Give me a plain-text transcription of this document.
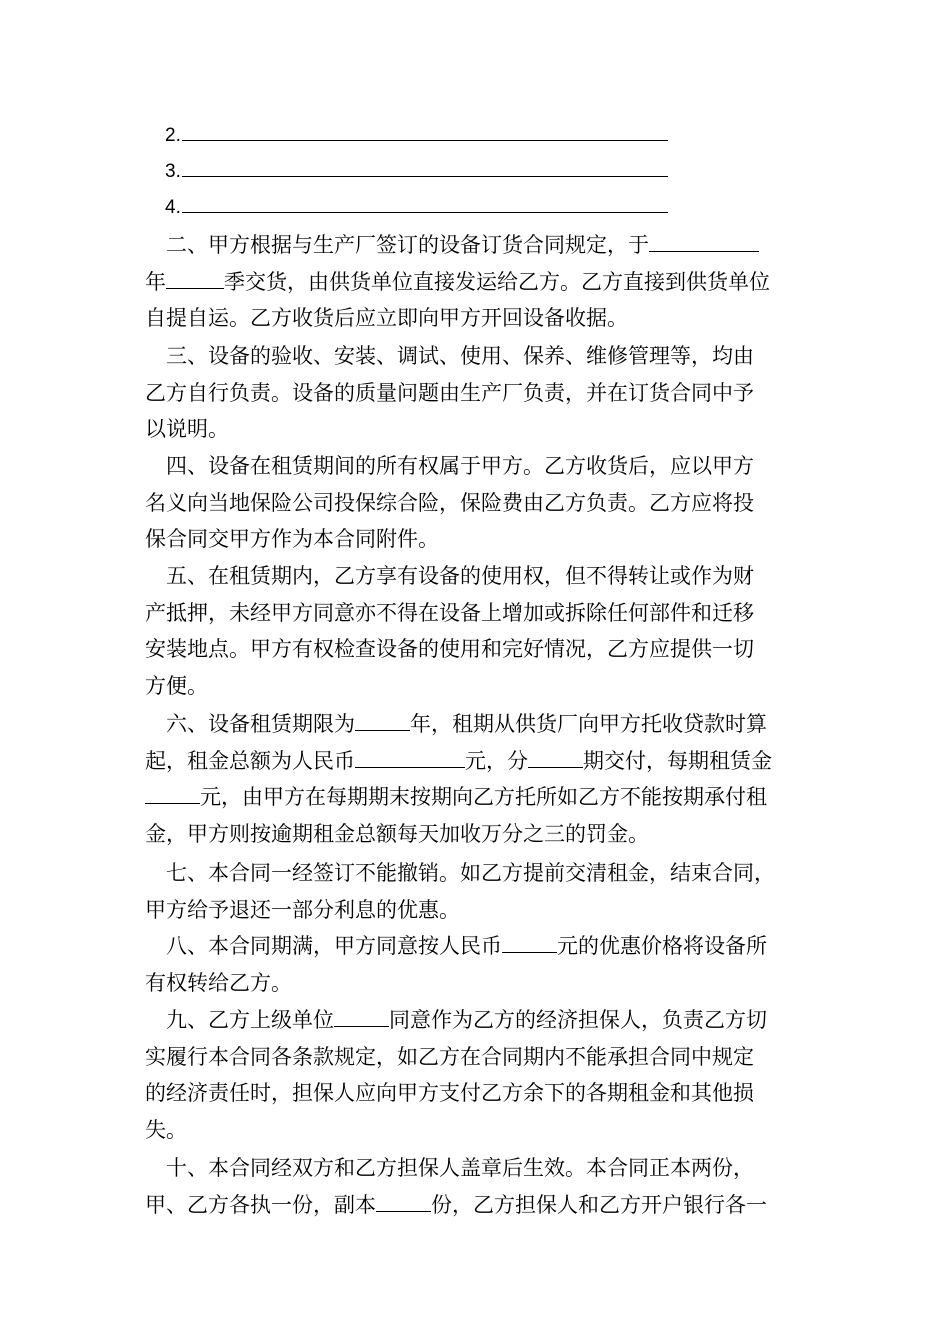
2.
3.
4.
二、甲方根据与生产厂签订的设备订货合同规定，于
年	季交货，由供货单位直接发运给乙方。乙方直接到供货单位
自提自运。乙方收货后应立即向甲方开回设备收据。
三、设备的验收、安装、调试、使用、保养、维修管理等，均由
乙方自行负责。设备的质量问题由生产厂负责，并在订货合同中予
以说明。
四、设备在租赁期间的所有权属于甲方。乙方收货后，应以甲方
名义向当地保险公司投保综合险，保险费由乙方负责。乙方应将投
保合同交甲方作为本合同附件。
五、在租赁期内，乙方享有设备的使用权，但不得转让或作为财
产抵押，未经甲方同意亦不得在设备上增加或拆除任何部件和迁移
安装地点。甲方有权检查设备的使用和完好情况，乙方应提供一切
方便。
六、设备租赁期限为	年，租期从供货厂向甲方托收贷款时算
起，租金总额为人民币	元，分	期交付，每期租赁金
元，由甲方在每期期末按期向乙方托所如乙方不能按期承付租
金，甲方则按逾期租金总额每天加收万分之三的罚金。
七、本合同一经签订不能撤销。如乙方提前交清租金，结束合同，
甲方给予退还一部分利息的优惠。
八、本合同期满，甲方同意按人民币	元的优惠价格将设备所
有权转给乙方。
九、乙方上级单位	同意作为乙方的经济担保人，负责乙方切
实履行本合同各条款规定，如乙方在合同期内不能承担合同中规定
的经济责任时，担保人应向甲方支付乙方余下的各期租金和其他损
失。
十、本合同经双方和乙方担保人盖章后生效。本合同正本两份，
甲、乙方各执一份，副本	份，乙方担保人和乙方开户银行各一
